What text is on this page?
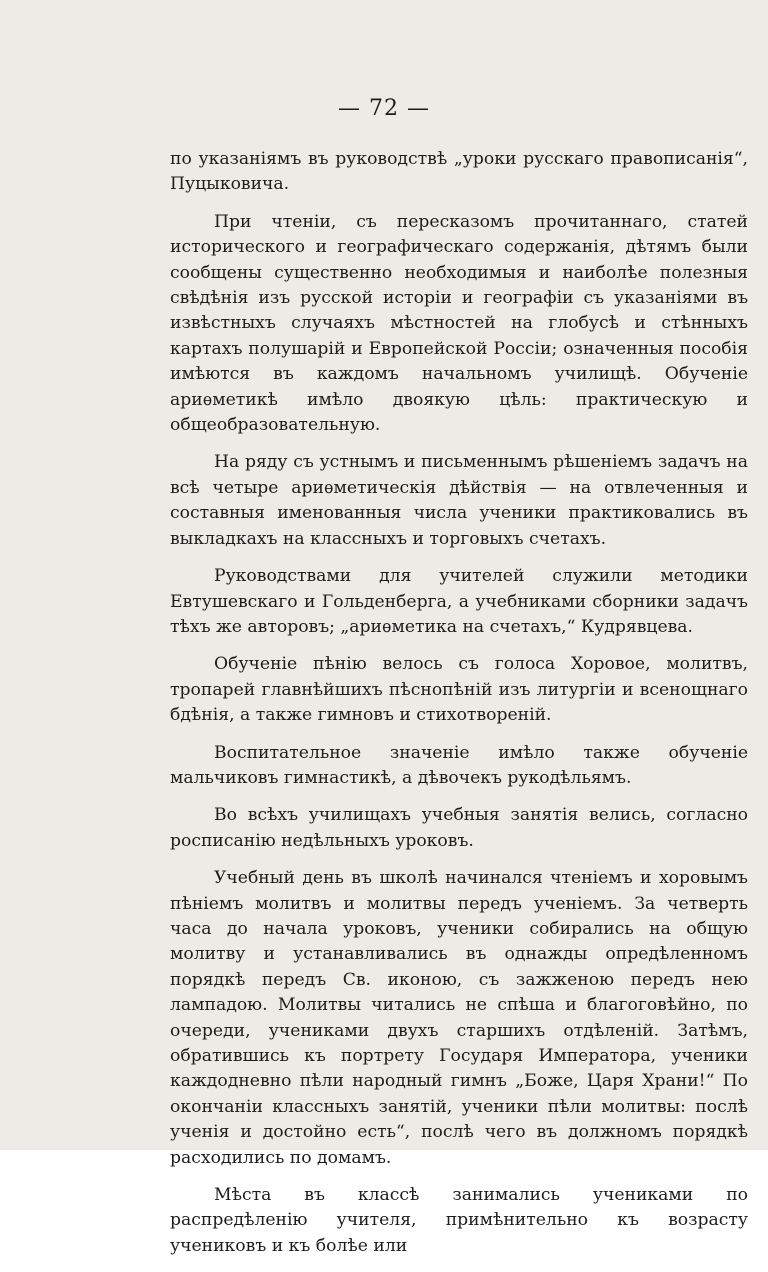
— 72 —

по указаніямъ въ руководствѣ „уроки русскаго правописанія“, Пуцыковича.

При чтеніи, съ пересказомъ прочитаннаго, статей исторического и географическаго содержанія, дѣтямъ были сообщены существенно необходимыя и наиболѣе полезныя свѣдѣнія изъ русской исторіи и географіи съ указаніями въ извѣстныхъ случаяхъ мѣстностей на глобусѣ и стѣнныхъ картахъ полушарій и Европейской Россіи; означенныя пособія имѣются въ каждомъ начальномъ училищѣ. Обученіе ариѳметикѣ имѣло двоякую цѣль: практическую и общеобразовательную.

На ряду съ устнымъ и письменнымъ рѣшеніемъ задачъ на всѣ четыре ариѳметическія дѣйствія — на отвлеченныя и составныя именованныя числа ученики практиковались въ выкладкахъ на классныхъ и торговыхъ счетахъ.

Руководствами для учителей служили методики Евтушевскаго и Гольденберга, а учебниками сборники задачъ тѣхъ же авторовъ; „ариѳметика на счетахъ,“ Кудрявцева.

Обученіе пѣнію велось съ голоса Хоровое, молитвъ, тропарей главнѣйшихъ пѣснопѣній изъ литургіи и всенощнаго бдѣнія, а также гимновъ и стихотвореній.

Воспитательное значеніе имѣло также обученіе мальчиковъ гимнастикѣ, а дѣвочекъ рукодѣльямъ.

Во всѣхъ училищахъ учебныя занятія велись, согласно росписанію недѣльныхъ уроковъ.

Учебный день въ школѣ начинался чтеніемъ и хоровымъ пѣніемъ молитвъ и молитвы передъ ученіемъ. За четверть часа до начала уроковъ, ученики собирались на общую молитву и устанавливались въ однажды опредѣленномъ порядкѣ передъ Св. иконою, съ зажженою передъ нею лампадою. Молитвы читались не спѣша и благоговѣйно, по очереди, учениками двухъ старшихъ отдѣленій. Затѣмъ, обратившись къ портрету Государя Императора, ученики каждодневно пѣли народный гимнъ „Боже, Царя Храни!“ По окончаніи классныхъ занятій, ученики пѣли молитвы: послѣ ученія и достойно есть“, послѣ чего въ должномъ порядкѣ расходились по домамъ.

Мѣста въ классѣ занимались учениками по распредѣленію учителя, примѣнительно къ возрасту учениковъ и къ болѣе или
